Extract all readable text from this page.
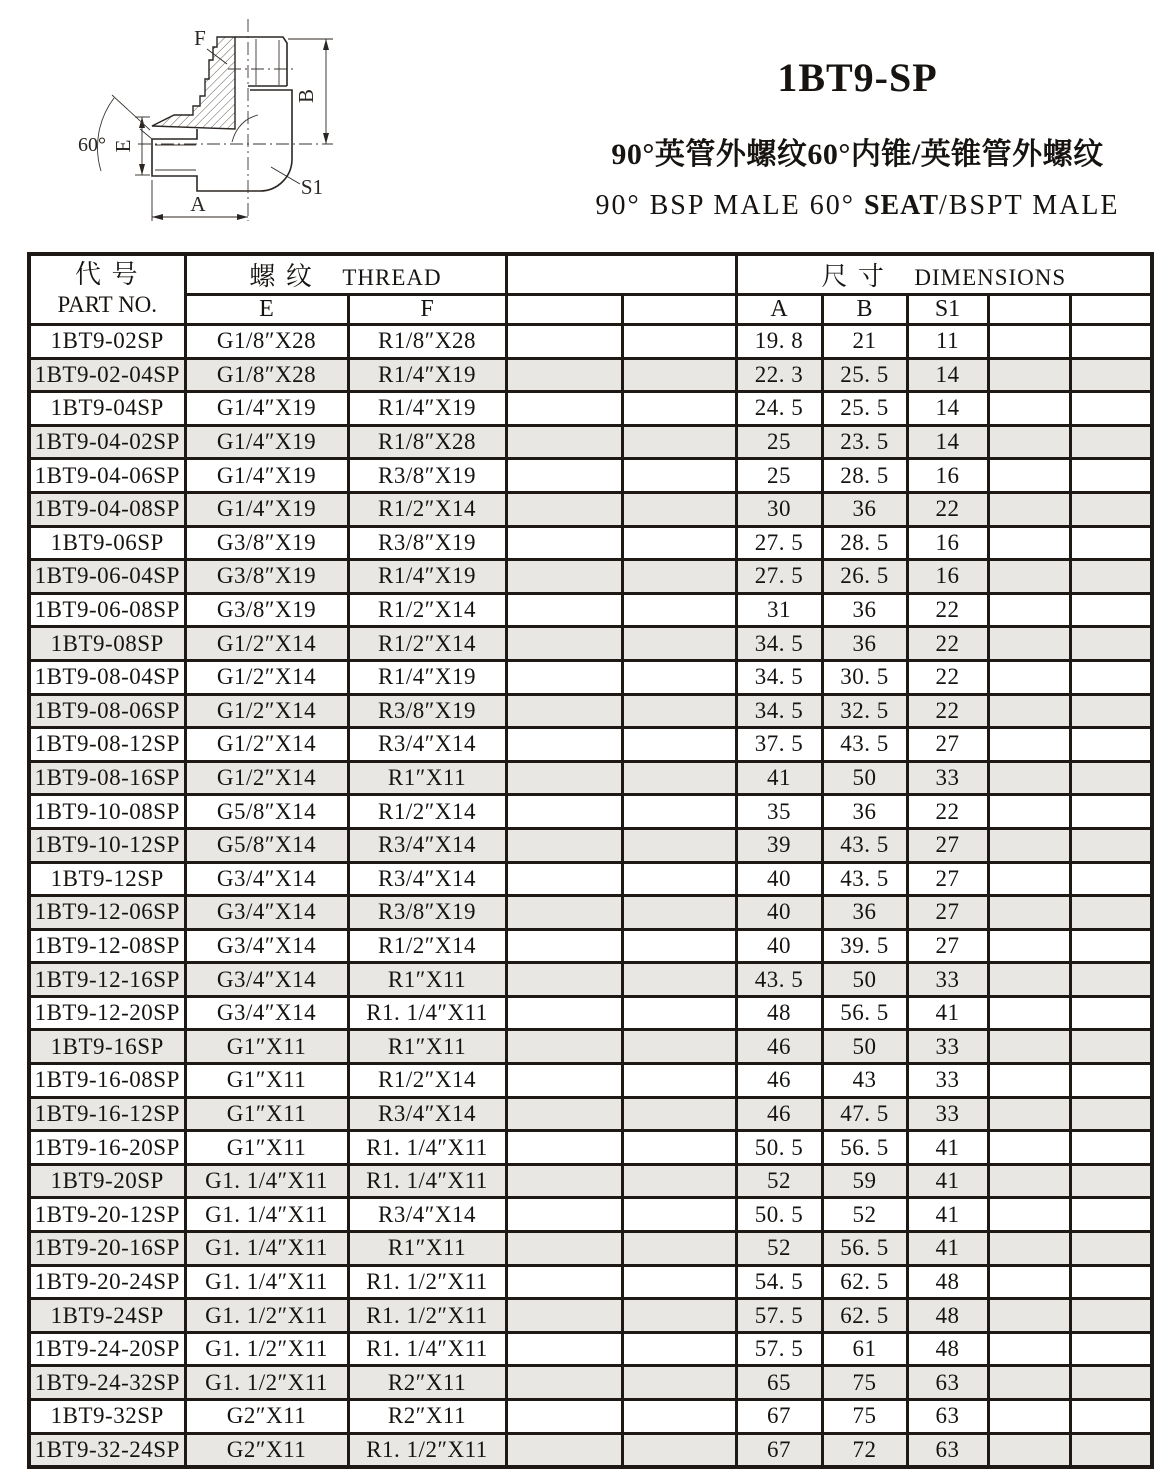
B
E
A
F
S1
60°
1BT9-SP
90°英管外螺纹60°内锥/英锥管外螺纹
90° BSP MALE 60° SEAT/BSPT MALE
代 号
PART NO.	螺 纹 THREAD				尺 寸 DIMENSIONS				
	E	F			A	B	S1		
1BT9-02SP	G1/8″X28	R1/8″X28			19. 8	21	11		
1BT9-02-04SP	G1/8″X28	R1/4″X19			22. 3	25. 5	14		
1BT9-04SP	G1/4″X19	R1/4″X19			24. 5	25. 5	14		
1BT9-04-02SP	G1/4″X19	R1/8″X28			25	23. 5	14		
1BT9-04-06SP	G1/4″X19	R3/8″X19			25	28. 5	16		
1BT9-04-08SP	G1/4″X19	R1/2″X14			30	36	22		
1BT9-06SP	G3/8″X19	R3/8″X19			27. 5	28. 5	16		
1BT9-06-04SP	G3/8″X19	R1/4″X19			27. 5	26. 5	16		
1BT9-06-08SP	G3/8″X19	R1/2″X14			31	36	22		
1BT9-08SP	G1/2″X14	R1/2″X14			34. 5	36	22		
1BT9-08-04SP	G1/2″X14	R1/4″X19			34. 5	30. 5	22		
1BT9-08-06SP	G1/2″X14	R3/8″X19			34. 5	32. 5	22		
1BT9-08-12SP	G1/2″X14	R3/4″X14			37. 5	43. 5	27		
1BT9-08-16SP	G1/2″X14	R1″X11			41	50	33		
1BT9-10-08SP	G5/8″X14	R1/2″X14			35	36	22		
1BT9-10-12SP	G5/8″X14	R3/4″X14			39	43. 5	27		
1BT9-12SP	G3/4″X14	R3/4″X14			40	43. 5	27		
1BT9-12-06SP	G3/4″X14	R3/8″X19			40	36	27		
1BT9-12-08SP	G3/4″X14	R1/2″X14			40	39. 5	27		
1BT9-12-16SP	G3/4″X14	R1″X11			43. 5	50	33		
1BT9-12-20SP	G3/4″X14	R1. 1/4″X11			48	56. 5	41		
1BT9-16SP	G1″X11	R1″X11			46	50	33		
1BT9-16-08SP	G1″X11	R1/2″X14			46	43	33		
1BT9-16-12SP	G1″X11	R3/4″X14			46	47. 5	33		
1BT9-16-20SP	G1″X11	R1. 1/4″X11			50. 5	56. 5	41		
1BT9-20SP	G1. 1/4″X11	R1. 1/4″X11			52	59	41		
1BT9-20-12SP	G1. 1/4″X11	R3/4″X14			50. 5	52	41		
1BT9-20-16SP	G1. 1/4″X11	R1″X11			52	56. 5	41		
1BT9-20-24SP	G1. 1/4″X11	R1. 1/2″X11			54. 5	62. 5	48		
1BT9-24SP	G1. 1/2″X11	R1. 1/2″X11			57. 5	62. 5	48		
1BT9-24-20SP	G1. 1/2″X11	R1. 1/4″X11			57. 5	61	48		
1BT9-24-32SP	G1. 1/2″X11	R2″X11			65	75	63		
1BT9-32SP	G2″X11	R2″X11			67	75	63		
1BT9-32-24SP	G2″X11	R1. 1/2″X11			67	72	63		
